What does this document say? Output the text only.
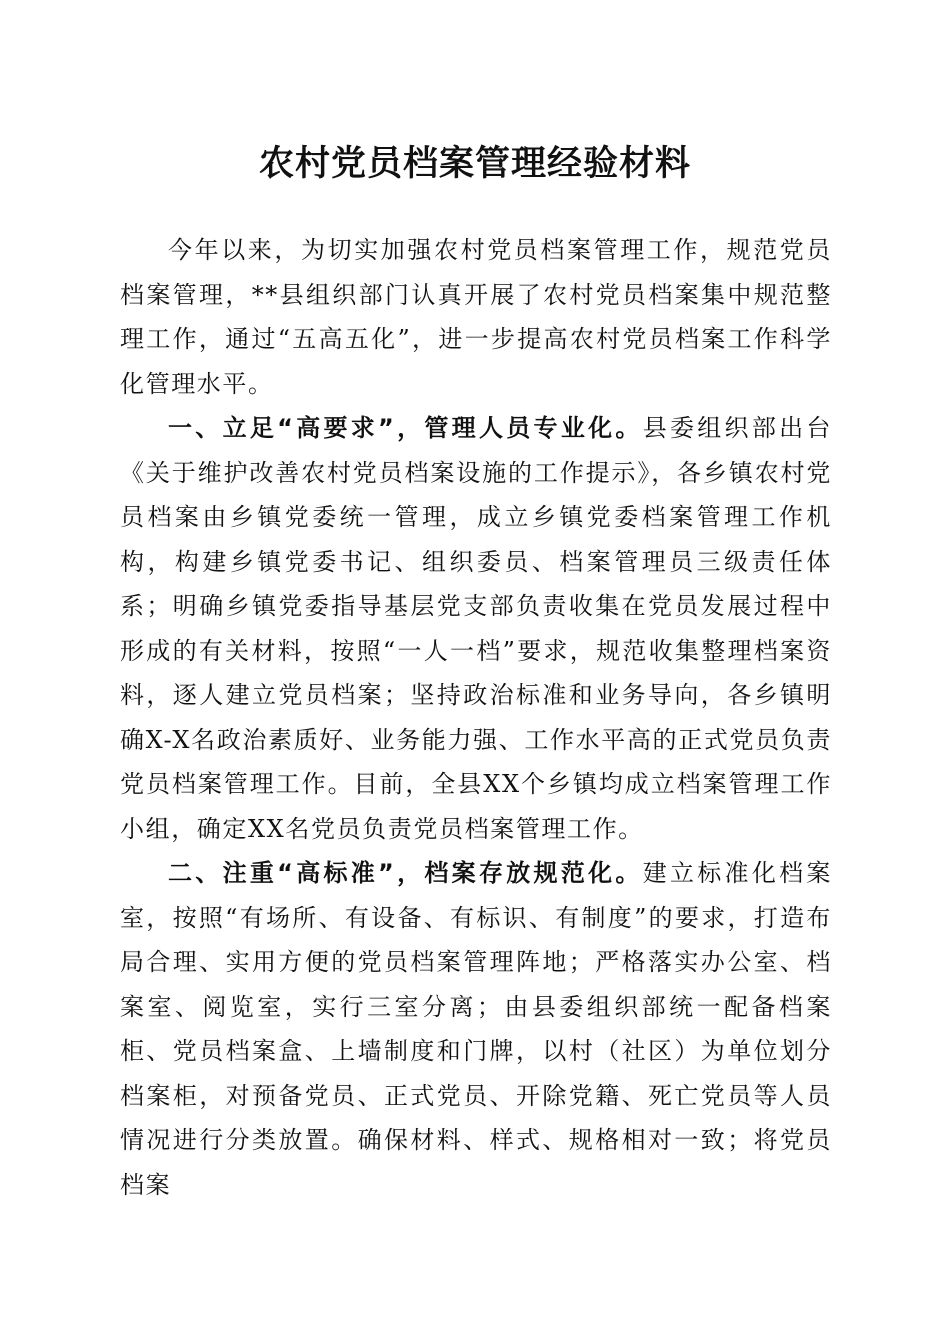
农村党员档案管理经验材料

今年以来，为切实加强农村党员档案管理工作，规范党员档案管理，**县组织部门认真开展了农村党员档案集中规范整理工作，通过“五高五化”，进一步提高农村党员档案工作科学化管理水平。

一、立足“高要求”，管理人员专业化。县委组织部出台《关于维护改善农村党员档案设施的工作提示》，各乡镇农村党员档案由乡镇党委统一管理，成立乡镇党委档案管理工作机构，构建乡镇党委书记、组织委员、档案管理员三级责任体系；明确乡镇党委指导基层党支部负责收集在党员发展过程中形成的有关材料，按照“一人一档”要求，规范收集整理档案资料，逐人建立党员档案；坚持政治标准和业务导向，各乡镇明确X-X名政治素质好、业务能力强、工作水平高的正式党员负责党员档案管理工作。目前，全县XX个乡镇均成立档案管理工作小组，确定XX名党员负责党员档案管理工作。

二、注重“高标准”，档案存放规范化。建立标准化档案室，按照“有场所、有设备、有标识、有制度”的要求，打造布局合理、实用方便的党员档案管理阵地；严格落实办公室、档案室、阅览室，实行三室分离；由县委组织部统一配备档案柜、党员档案盒、上墙制度和门牌，以村（社区）为单位划分档案柜，对预备党员、正式党员、开除党籍、死亡党员等人员情况进行分类放置。确保材料、样式、规格相对一致；将党员档案
